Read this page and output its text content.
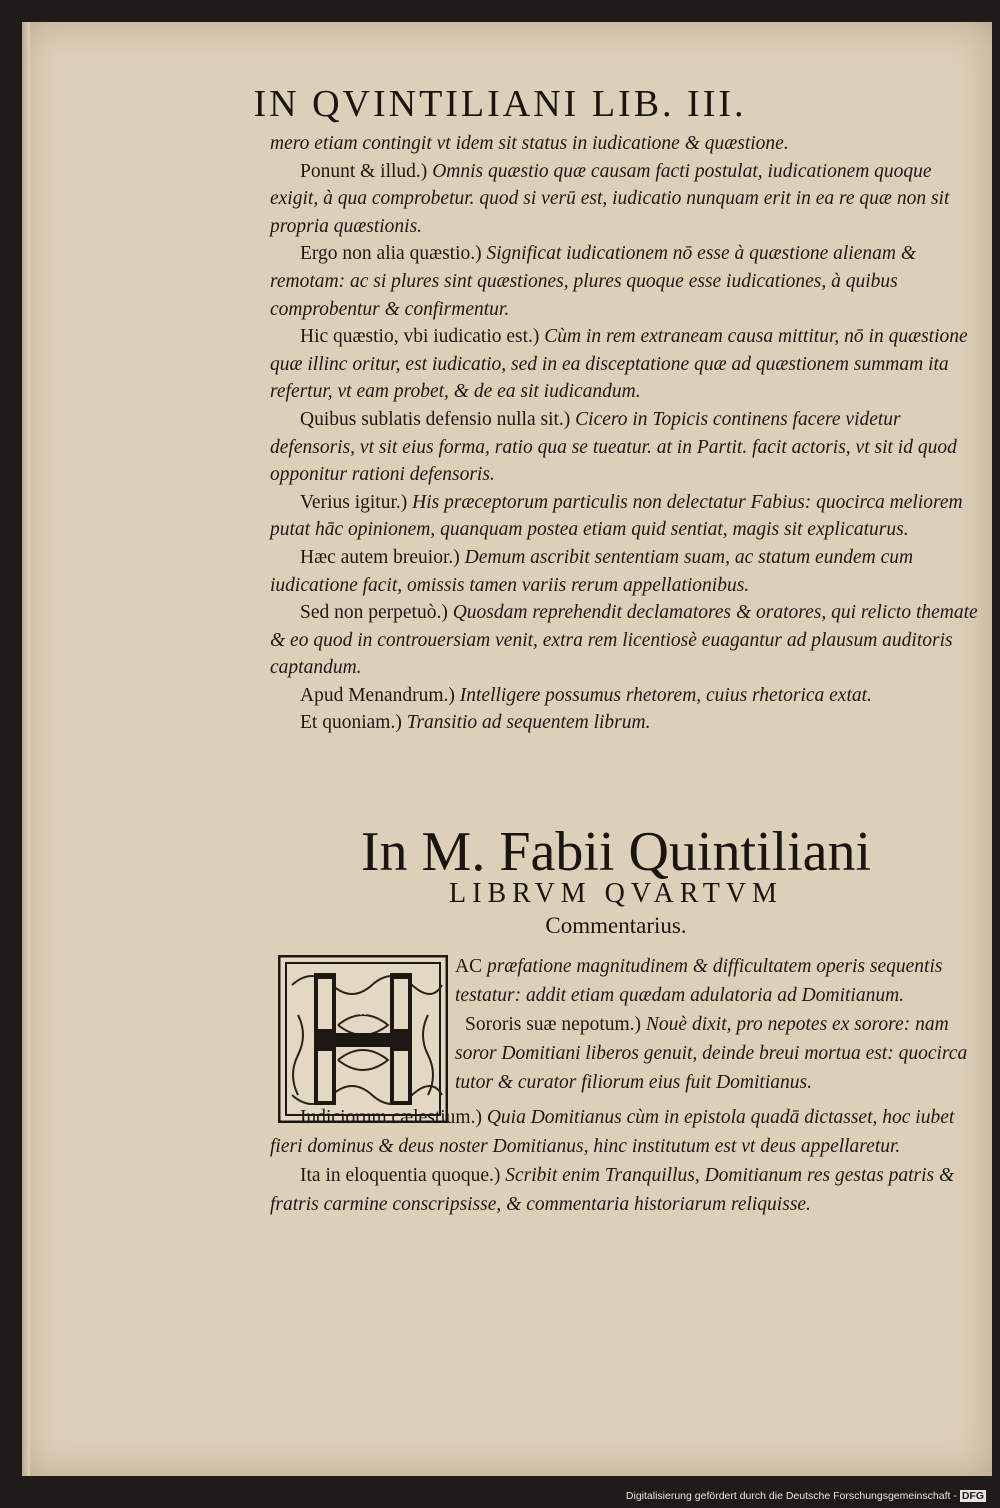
IN QVINTILIANI LIB. III.
mero etiam contingit vt idem sit status in iudicatione & quæstione.
Ponunt & illud.) Omnis quæstio quæ causam facti postulat, iudicationem quoque exigit, à qua comprobetur. quod si verū est, iudicatio nunquam erit in ea re quæ non sit propria quæstionis.
Ergo non alia quæstio.) Significat iudicationem nō esse à quæstione alienam & remotam: ac si plures sint quæstiones, plures quoque esse iudicationes, à quibus comprobentur & confirmentur.
Hic quæstio, vbi iudicatio est.) Cùm in rem extraneam causa mittitur, nō in quæstione quæ illinc oritur, est iudicatio, sed in ea disceptatione quæ ad quæstionem summam ita refertur, vt eam probet, & de ea sit iudicandum.
Quibus sublatis defensio nulla sit.) Cicero in Topicis continens facere videtur defensoris, vt sit eius forma, ratio qua se tueatur. at in Partit. facit actoris, vt sit id quod opponitur rationi defensoris.
Verius igitur.) His præceptorum particulis non delectatur Fabius: quocirca meliorem putat hāc opinionem, quanquam postea etiam quid sentiat, magis sit explicaturus.
Hæc autem breuior.) Demum ascribit sententiam suam, ac statum eundem cum iudicatione facit, omissis tamen variis rerum appellationibus.
Sed non perpetuò.) Quosdam reprehendit declamatores & oratores, qui relicto themate & eo quod in controuersiam venit, extra rem licentiosè euagantur ad plausum auditoris captandum.
Apud Menandrum.) Intelligere possumus rhetorem, cuius rhetorica extat.
Et quoniam.) Transitio ad sequentem librum.
In M. Fabii Quintiliani
LIBRVM QVARTVM
Commentarius.
H
AC præfatione magnitudinem & difficultatem operis sequentis testatur: addit etiam quædam adulatoria ad Domitianum.
Sororis suæ nepotum.) Nouè dixit, pro nepotes ex sorore: nam soror Domitiani liberos genuit, deinde breui mortua est: quocirca tutor & curator filiorum eius fuit Domitianus.
Iudiciorum cælestium.) Quia Domitianus cùm in epistola quadā dictasset, hoc iubet fieri dominus & deus noster Domitianus, hinc institutum est vt deus appellaretur.
Ita in eloquentia quoque.) Scribit enim Tranquillus, Domitianum res gestas patris & fratris carmine conscripsisse, & commentaria historiarum reliquisse.
Digitalisierung gefördert durch die Deutsche Forschungsgemeinschaft - DFG
